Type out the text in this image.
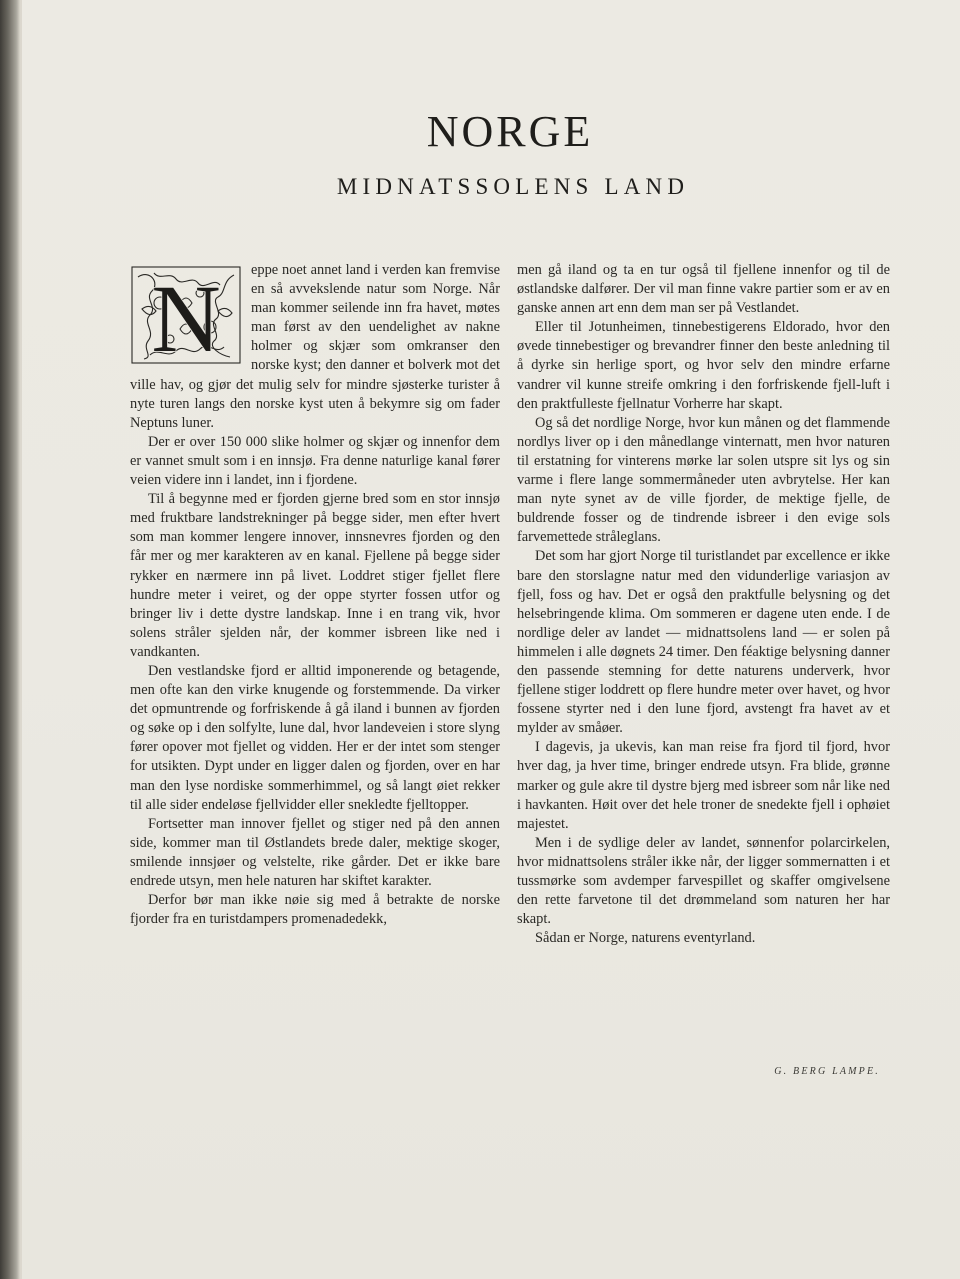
NORGE
MIDNATSSOLENS LAND
N	eppe noet annet land i verden kan fremvise en så avvekslende natur som Norge. Når man kommer seilende inn fra havet, møtes man først av den uendelighet av nakne holmer og skjær som omkranser den norske kyst; den danner et bolverk mot det ville hav, og gjør det mulig selv for mindre sjøsterke turister å nyte turen langs den norske kyst uten å bekymre sig om fader Neptuns luner.

Der er over 150 000 slike holmer og skjær og innenfor dem er vannet smult som i en innsjø. Fra denne naturlige kanal fører veien videre inn i landet, inn i fjordene.

Til å begynne med er fjorden gjerne bred som en stor innsjø med fruktbare landstrekninger på begge sider, men efter hvert som man kommer lengere innover, innsnevres fjorden og den får mer og mer karakteren av en kanal. Fjellene på begge sider rykker en nærmere inn på livet. Loddret stiger fjellet flere hundre meter i veiret, og der oppe styrter fossen utfor og bringer liv i dette dystre landskap. Inne i en trang vik, hvor solens stråler sjelden når, der kommer isbreen like ned i vandkanten.

Den vestlandske fjord er alltid imponerende og betagende, men ofte kan den virke knugende og forstemmende. Da virker det opmuntrende og forfriskende å gå iland i bunnen av fjorden og søke op i den solfylte, lune dal, hvor landeveien i store slyng fører opover mot fjellet og vidden. Her er der intet som stenger for utsikten. Dypt under en ligger dalen og fjorden, over en har man den lyse nordiske sommerhimmel, og så langt øiet rekker til alle sider endeløse fjellvidder eller snekledte fjelltopper.

Fortsetter man innover fjellet og stiger ned på den annen side, kommer man til Østlandets brede daler, mektige skoger, smilende innsjøer og velstelte, rike gårder. Det er ikke bare endrede utsyn, men hele naturen har skiftet karakter.

Derfor bør man ikke nøie sig med å betrakte de norske fjorder fra en turistdampers promenadedekk,

men gå iland og ta en tur også til fjellene innenfor og til de østlandske dalfører. Der vil man finne vakre partier som er av en ganske annen art enn dem man ser på Vestlandet.

Eller til Jotunheimen, tinnebestigerens Eldorado, hvor den øvede tinnebestiger og brevandrer finner den beste anledning til å dyrke sin herlige sport, og hvor selv den mindre erfarne vandrer vil kunne streife omkring i den forfriskende fjell-luft i den praktfulleste fjellnatur Vorherre har skapt.

Og så det nordlige Norge, hvor kun månen og det flammende nordlys liver op i den månedlange vinternatt, men hvor naturen til erstatning for vinterens mørke lar solen utspre sit lys og sin varme i flere lange sommermåneder uten avbrytelse. Her kan man nyte synet av de ville fjorder, de mektige fjelle, de buldrende fosser og de tindrende isbreer i den evige sols farvemettede stråleglans.

Det som har gjort Norge til turistlandet par excellence er ikke bare den storslagne natur med den vidunderlige variasjon av fjell, foss og hav. Det er også den praktfulle belysning og det helsebringende klima. Om sommeren er dagene uten ende. I de nordlige deler av landet — midnattsolens land — er solen på himmelen i alle døgnets 24 timer. Den féaktige belysning danner den passende stemning for dette naturens underverk, hvor fjellene stiger loddrett op flere hundre meter over havet, og hvor fossene styrter ned i den lune fjord, avstengt fra havet av et mylder av småøer.

I dagevis, ja ukevis, kan man reise fra fjord til fjord, hvor hver dag, ja hver time, bringer endrede utsyn. Fra blide, grønne marker og gule akre til dystre bjerg med isbreer som når like ned i havkanten. Høit over det hele troner de snedekte fjell i ophøiet majestet.

Men i de sydlige deler av landet, sønnenfor polarcirkelen, hvor midnattsolens stråler ikke når, der ligger sommernatten i et tussmørke som avdemper farvespillet og skaffer omgivelsene den rette farvetone til det drømmeland som naturen her har skapt.

Sådan er Norge, naturens eventyrland.

G. BERG LAMPE.
